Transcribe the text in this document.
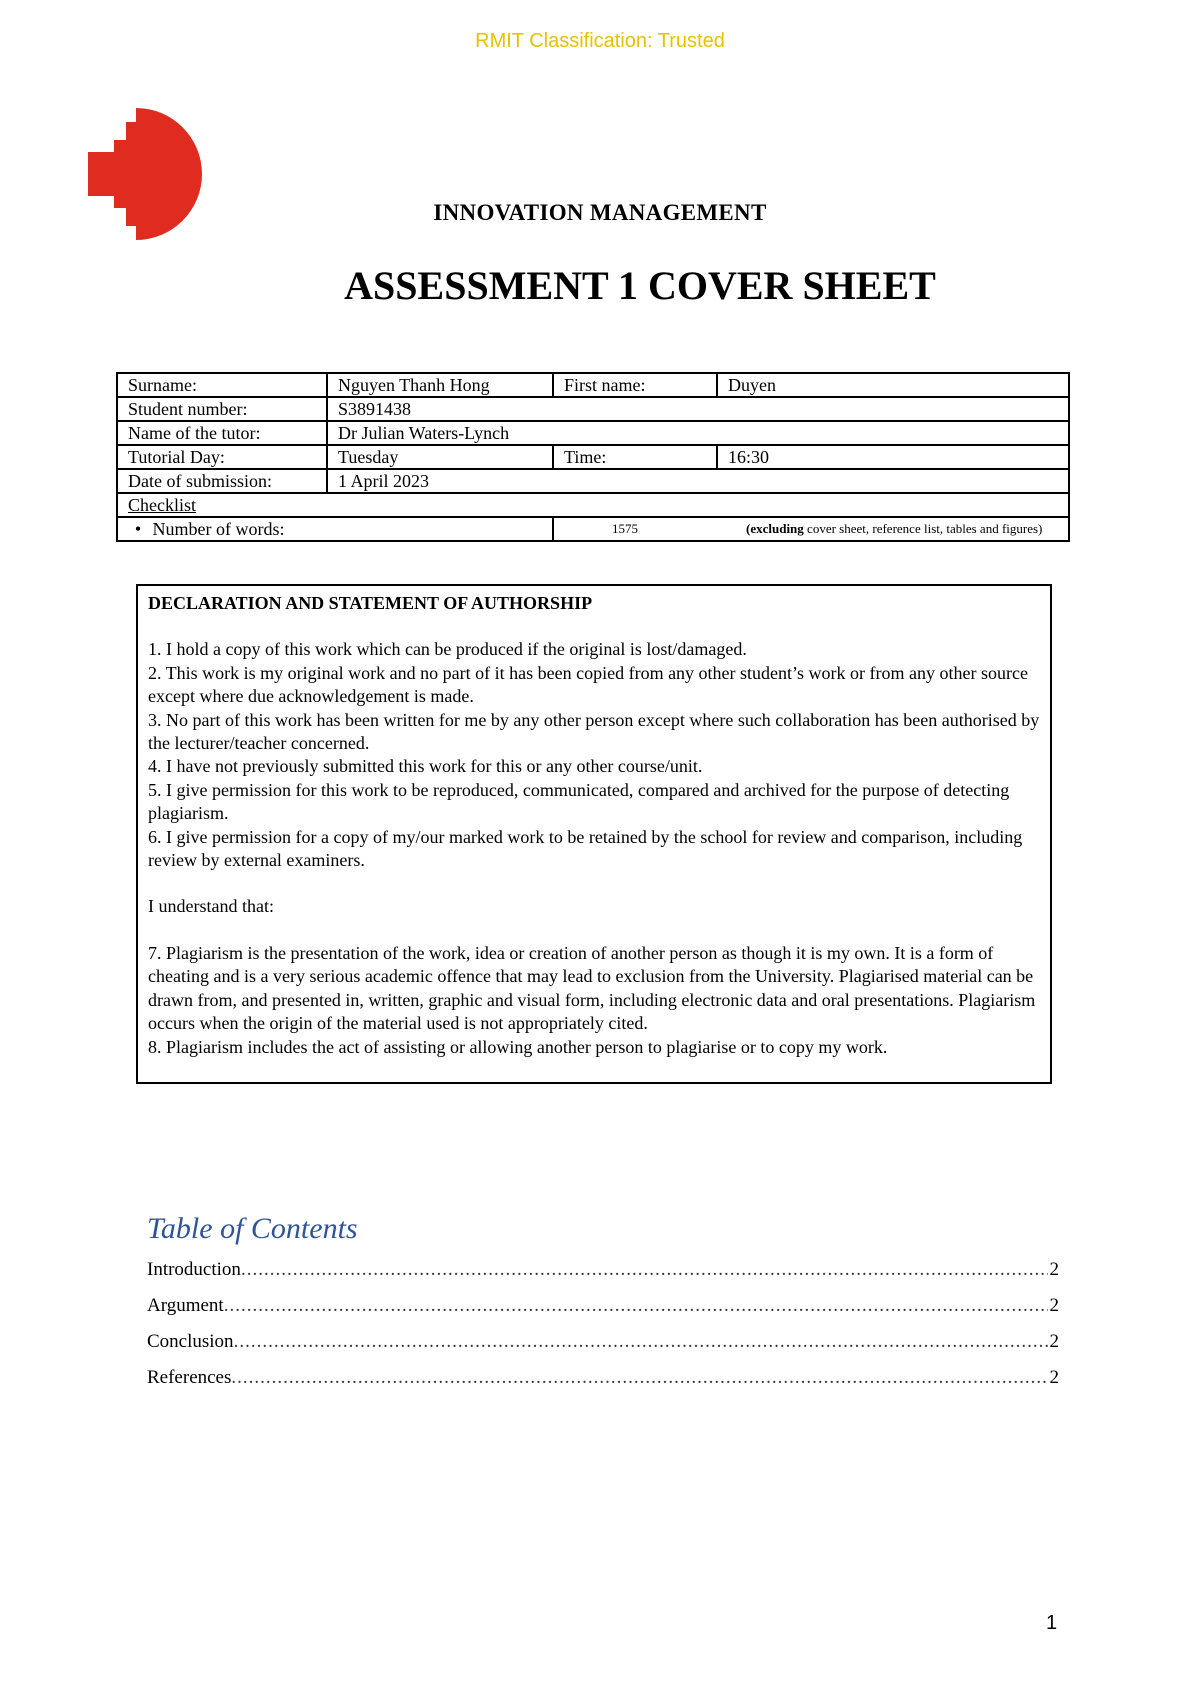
RMIT Classification: Trusted
INNOVATION MANAGEMENT
ASSESSMENT 1 COVER SHEET
Surname:	Nguyen Thanh Hong	First name:	Duyen
Student number:	S3891438		
Name of the tutor:	Dr Julian Waters-Lynch		
Tutorial Day:	Tuesday	Time:	16:30
Date of submission:	1 April 2023		
Checklist			
• Number of words:		1575 (excluding cover sheet, reference list, tables and figures)	

DECLARATION AND STATEMENT OF AUTHORSHIP

1. I hold a copy of this work which can be produced if the original is lost/damaged.

2. This work is my original work and no part of it has been copied from any other student’s work or from any other source except where due acknowledgement is made.

3. No part of this work has been written for me by any other person except where such collaboration has been authorised by the lecturer/teacher concerned.

4. I have not previously submitted this work for this or any other course/unit.

5. I give permission for this work to be reproduced, communicated, compared and archived for the purpose of detecting plagiarism.

6. I give permission for a copy of my/our marked work to be retained by the school for review and comparison, including review by external examiners.

I understand that:

7. Plagiarism is the presentation of the work, idea or creation of another person as though it is my own. It is a form of cheating and is a very serious academic offence that may lead to exclusion from the University. Plagiarised material can be drawn from, and presented in, written, graphic and visual form, including electronic data and oral presentations. Plagiarism occurs when the origin of the material used is not appropriately cited.

8. Plagiarism includes the act of assisting or allowing another person to plagiarise or to copy my work.

Table of Contents
Introduction .....	2
Argument .....	2
Conclusion .....	2
References .....	2
1
